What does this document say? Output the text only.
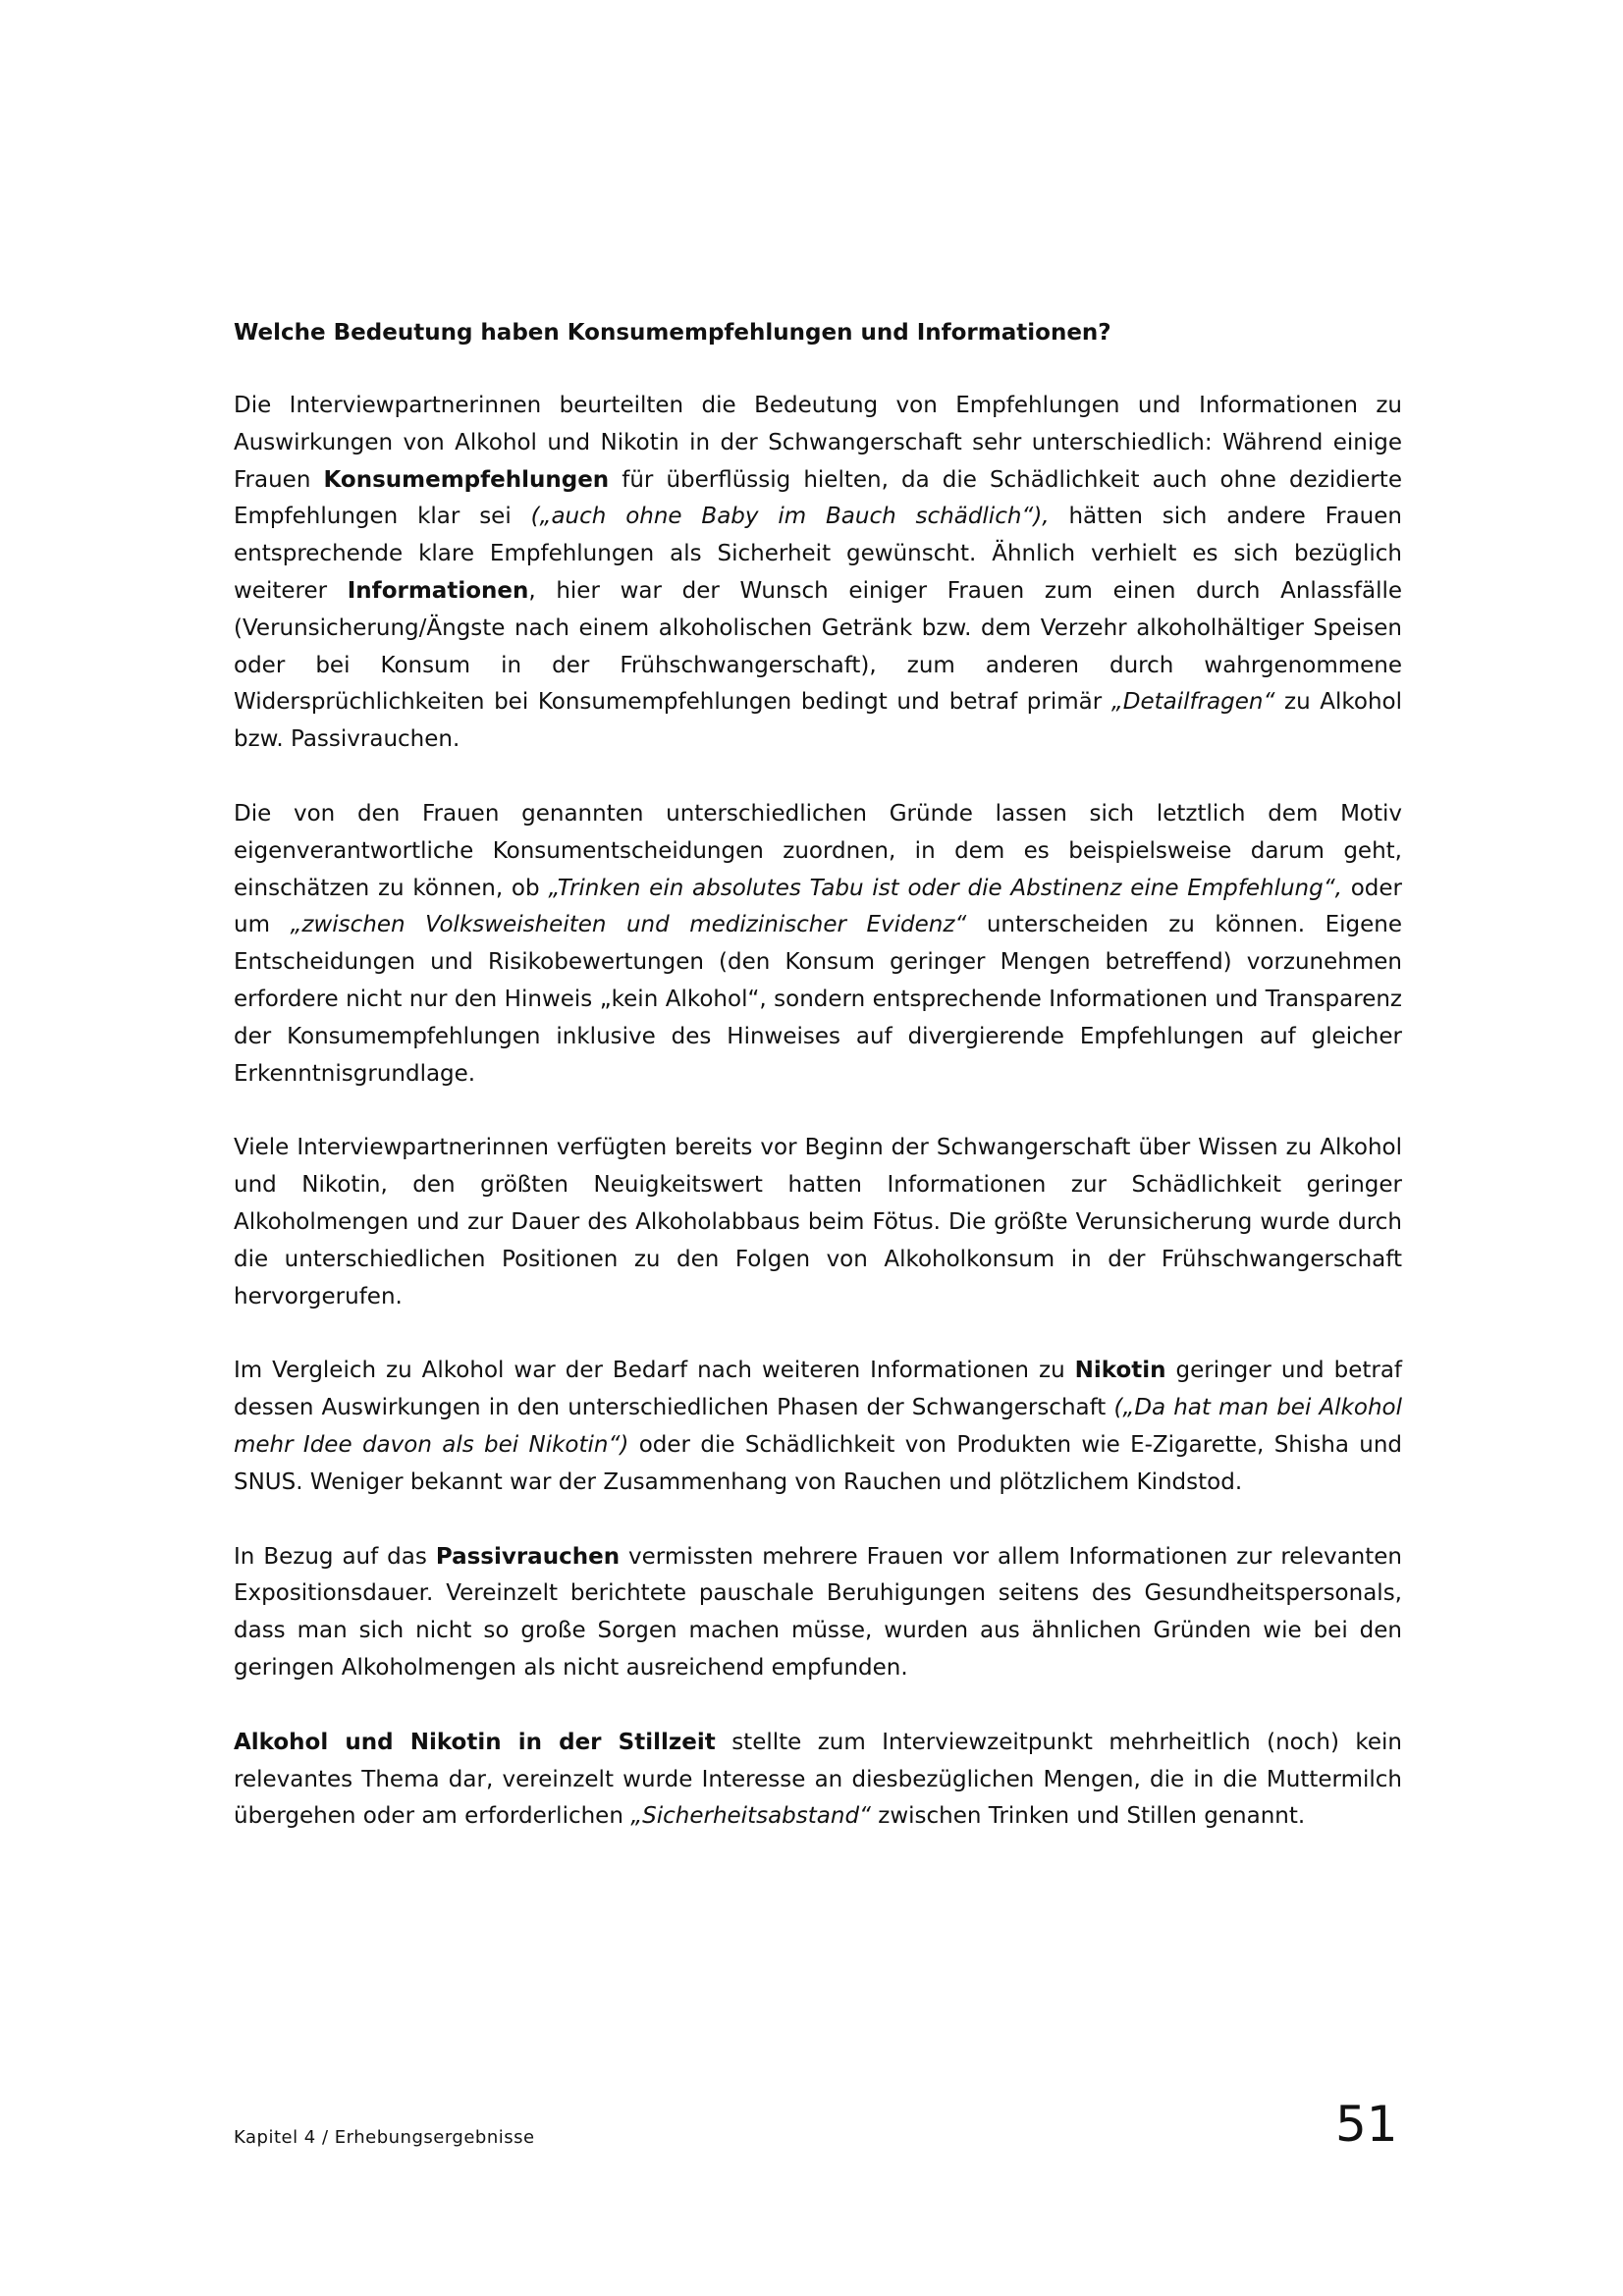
Welche Bedeutung haben Konsumempfehlungen und Informationen?

Die Interviewpartnerinnen beurteilten die Bedeutung von Empfehlungen und Informationen zu Auswirkungen von Alkohol und Nikotin in der Schwangerschaft sehr unterschiedlich: Während einige Frauen Konsumempfehlungen für überflüssig hielten, da die Schädlichkeit auch ohne dezidierte Empfehlungen klar sei („auch ohne Baby im Bauch schädlich“), hätten sich andere Frauen entsprechende klare Empfehlungen als Sicherheit gewünscht. Ähnlich verhielt es sich bezüglich weiterer Informationen, hier war der Wunsch einiger Frauen zum einen durch Anlassfälle (Verunsicherung/Ängste nach einem alkoholischen Getränk bzw. dem Verzehr alkoholhältiger Speisen oder bei Konsum in der Frühschwangerschaft), zum anderen durch wahrgenommene Widersprüchlichkeiten bei Konsumempfehlungen bedingt und betraf primär „Detailfragen“ zu Alkohol bzw. Passivrauchen.

Die von den Frauen genannten unterschiedlichen Gründe lassen sich letztlich dem Motiv eigenverantwortliche Konsumentscheidungen zuordnen, in dem es beispielsweise darum geht, einschätzen zu können, ob „Trinken ein absolutes Tabu ist oder die Abstinenz eine Empfehlung“, oder um „zwischen Volksweisheiten und medizinischer Evidenz“ unterscheiden zu können. Eigene Entscheidungen und Risikobewertungen (den Konsum geringer Mengen betreffend) vorzunehmen erfordere nicht nur den Hinweis „kein Alkohol“, sondern entsprechende Informationen und Transparenz der Konsumempfehlungen inklusive des Hinweises auf divergierende Empfehlungen auf gleicher Erkenntnisgrundlage.

Viele Interviewpartnerinnen verfügten bereits vor Beginn der Schwangerschaft über Wissen zu Alkohol und Nikotin, den größten Neuigkeitswert hatten Informationen zur Schädlichkeit geringer Alkoholmengen und zur Dauer des Alkoholabbaus beim Fötus. Die größte Verunsicherung wurde durch die unterschiedlichen Positionen zu den Folgen von Alkoholkonsum in der Frühschwangerschaft hervorgerufen.

Im Vergleich zu Alkohol war der Bedarf nach weiteren Informationen zu Nikotin geringer und betraf dessen Auswirkungen in den unterschiedlichen Phasen der Schwangerschaft („Da hat man bei Alkohol mehr Idee davon als bei Nikotin“) oder die Schädlichkeit von Produkten wie E-Zigarette, Shisha und SNUS. Weniger bekannt war der Zusammenhang von Rauchen und plötzlichem Kindstod.

In Bezug auf das Passivrauchen vermissten mehrere Frauen vor allem Informationen zur relevanten Expositionsdauer. Vereinzelt berichtete pauschale Beruhigungen seitens des Gesundheitspersonals, dass man sich nicht so große Sorgen machen müsse, wurden aus ähnlichen Gründen wie bei den geringen Alkoholmengen als nicht ausreichend empfunden.

Alkohol und Nikotin in der Stillzeit stellte zum Interviewzeitpunkt mehrheitlich (noch) kein relevantes Thema dar, vereinzelt wurde Interesse an diesbezüglichen Mengen, die in die Muttermilch übergehen oder am erforderlichen „Sicherheitsabstand“ zwischen Trinken und Stillen genannt.

Kapitel 4 / Erhebungsergebnisse	51
